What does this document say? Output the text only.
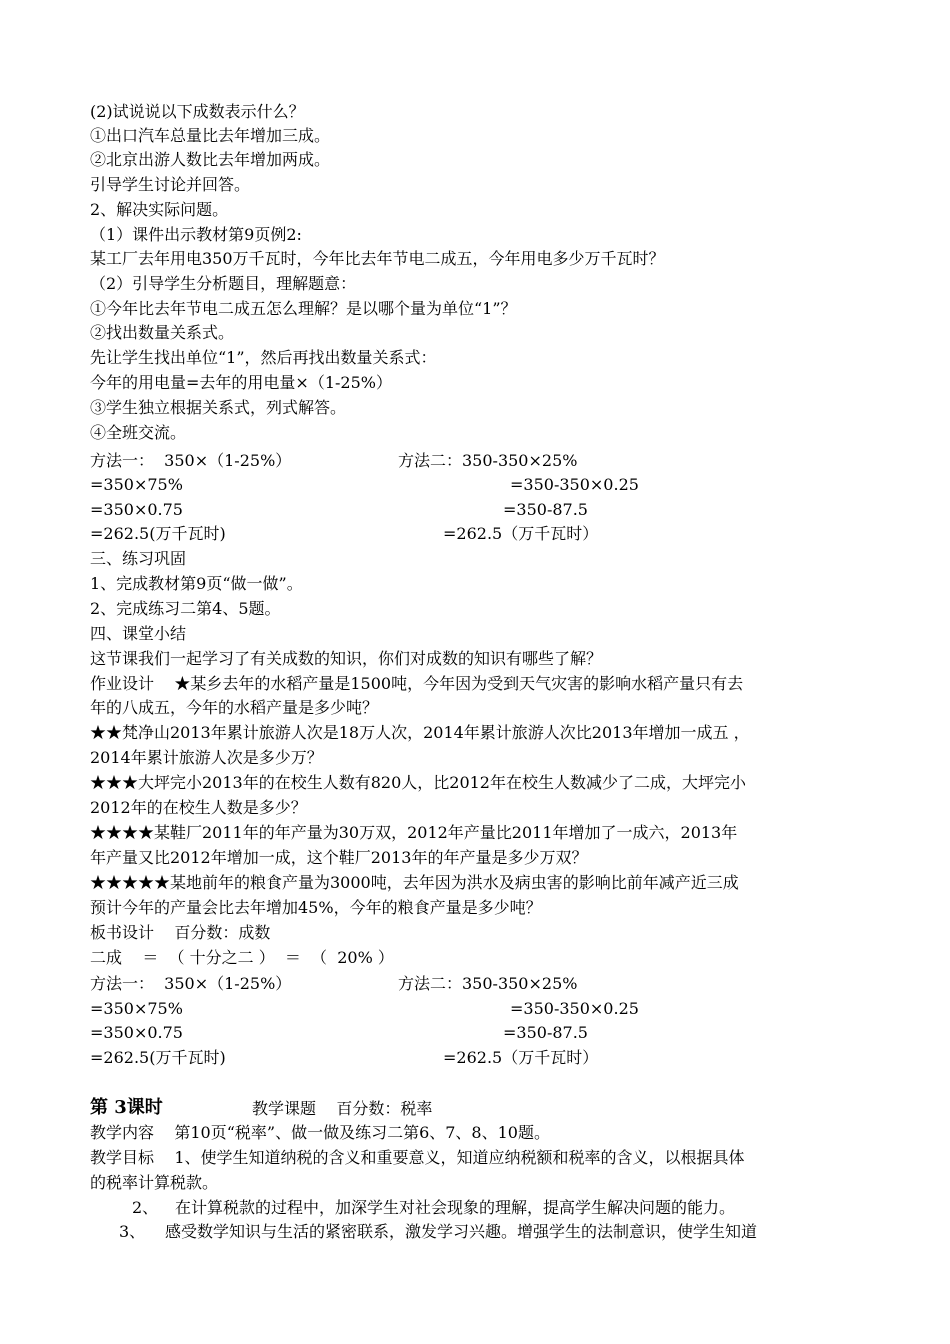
(2)试说说以下成数表示什么？
①出口汽车总量比去年增加三成。
②北京出游人数比去年增加两成。
引导学生讨论并回答。
2、解决实际问题。
（1）课件出示教材第9页例2:
某工厂去年用电350万千瓦时，今年比去年节电二成五，今年用电多少万千瓦时？
（2）引导学生分析题目，理解题意：
①今年比去年节电二成五怎么理解？是以哪个量为单位“1”？
②找出数量关系式。
先让学生找出单位“1”，然后再找出数量关系式：
今年的用电量=去年的用电量×（1-25%）
③学生独立根据关系式，列式解答。
④全班交流。
方法一：  350×（1-25%）
=350×75%
=350×0.75
=262.5(万千瓦时)
方法二：350-350×25%
=350-350×0.25
=350-87.5
=262.5（万千瓦时）
三、练习巩固
1、完成教材第9页“做一做”。
2、完成练习二第4、5题。
四、课堂小结
这节课我们一起学习了有关成数的知识，你们对成数的知识有哪些了解？
作业设计    ★某乡去年的水稻产量是1500吨，今年因为受到天气灾害的影响水稻产量只有去
年的八成五，今年的水稻产量是多少吨？
★★梵净山2013年累计旅游人次是18万人次，2014年累计旅游人次比2013年增加一成五 ，
2014年累计旅游人次是多少万？
★★★大坪完小2013年的在校生人数有820人，比2012年在校生人数减少了二成，大坪完小
2012年的在校生人数是多少？
★★★★某鞋厂2011年的年产量为30万双，2012年产量比2011年增加了一成六，2013年
年产量又比2012年增加一成，这个鞋厂2013年的年产量是多少万双？
★★★★★某地前年的粮食产量为3000吨，去年因为洪水及病虫害的影响比前年减产近三成
预计今年的产量会比去年增加45%，今年的粮食产量是多少吨？
板书设计    百分数：成数
二成    ＝  （ 十分之二 ）  ＝  （  20% ）
方法一：  350×（1-25%）
=350×75%
=350×0.75
=262.5(万千瓦时)
方法二：350-350×25%
=350-350×0.25
=350-87.5
=262.5（万千瓦时）
第 3课时	教学课题    百分数：税率
教学内容    第10页“税率”、做一做及练习二第6、7、8、10题。
教学目标    1、使学生知道纳税的含义和重要意义，知道应纳税额和税率的含义，以根据具体
的税率计算税款。
在计算税款的过程中，加深学生对社会现象的理解，提高学生解决问题的能力。
2、
3、 感受数学知识与生活的紧密联系，激发学习兴趣。增强学生的法制意识，使学生知道
